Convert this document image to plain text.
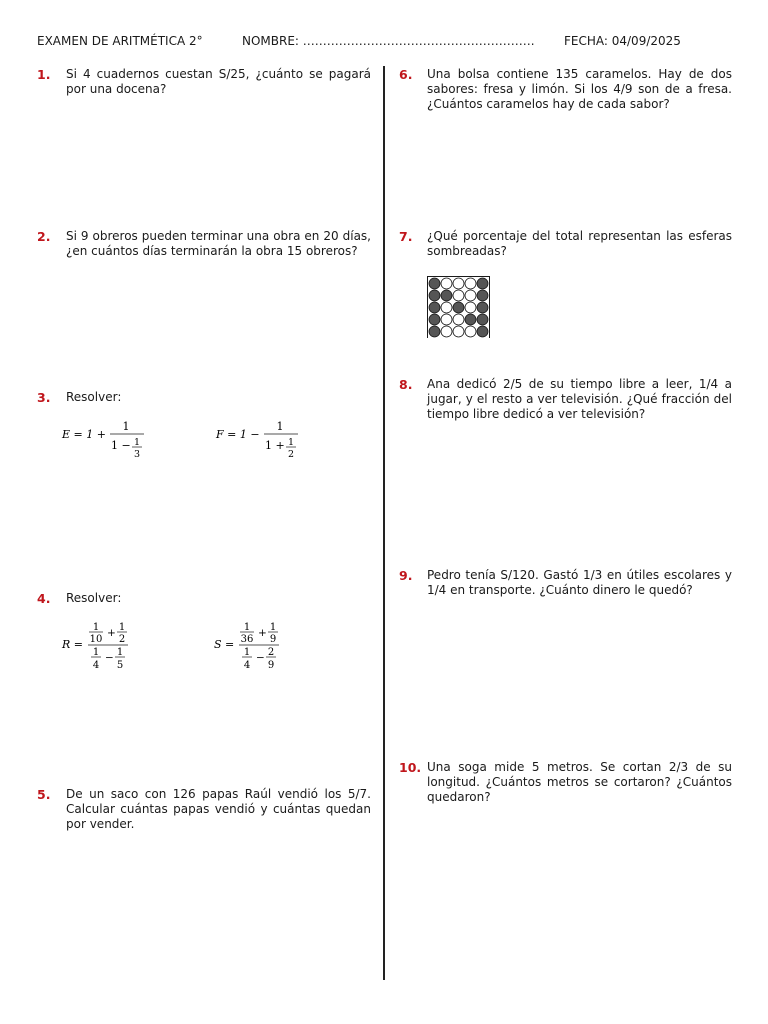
EXAMEN DE ARITMÉTICA 2°	NOMBRE: …………………………………………………. FECHA: 04/09/2025
1. Si 4 cuadernos cuestan S/25, ¿cuánto se pagará por una docena?
2. Si 9 obreros pueden terminar una obra en 20 días, ¿en cuántos días terminarán la obra 15 obreros?
3. Resolver:
E = 1 +
1
1 − 1
3
F = 1 −
1
1 + 1
2
4. Resolver:
R =
1
10
+ 1
2
1
4
− 1
5
S =
1
36
+ 1
9
1
4
− 2
9
5. De un saco con 126 papas Raúl vendió los 5/7. Calcular cuántas papas vendió y cuántas quedan por vender.
6. Una bolsa contiene 135 caramelos. Hay de dos sabores: fresa y limón. Si los 4/9 son de a fresa. ¿Cuántos caramelos hay de cada sabor?
7. ¿Qué porcentaje del total representan las esferas sombreadas?
8. Ana dedicó 2/5 de su tiempo libre a leer, 1/4 a jugar, y el resto a ver televisión. ¿Qué fracción del tiempo libre dedicó a ver televisión?
9. Pedro tenía S/120. Gastó 1/3 en útiles escolares y 1/4 en transporte. ¿Cuánto dinero le quedó?
10. Una soga mide 5 metros. Se cortan 2/3 de su longitud. ¿Cuántos metros se cortaron? ¿Cuántos quedaron?
